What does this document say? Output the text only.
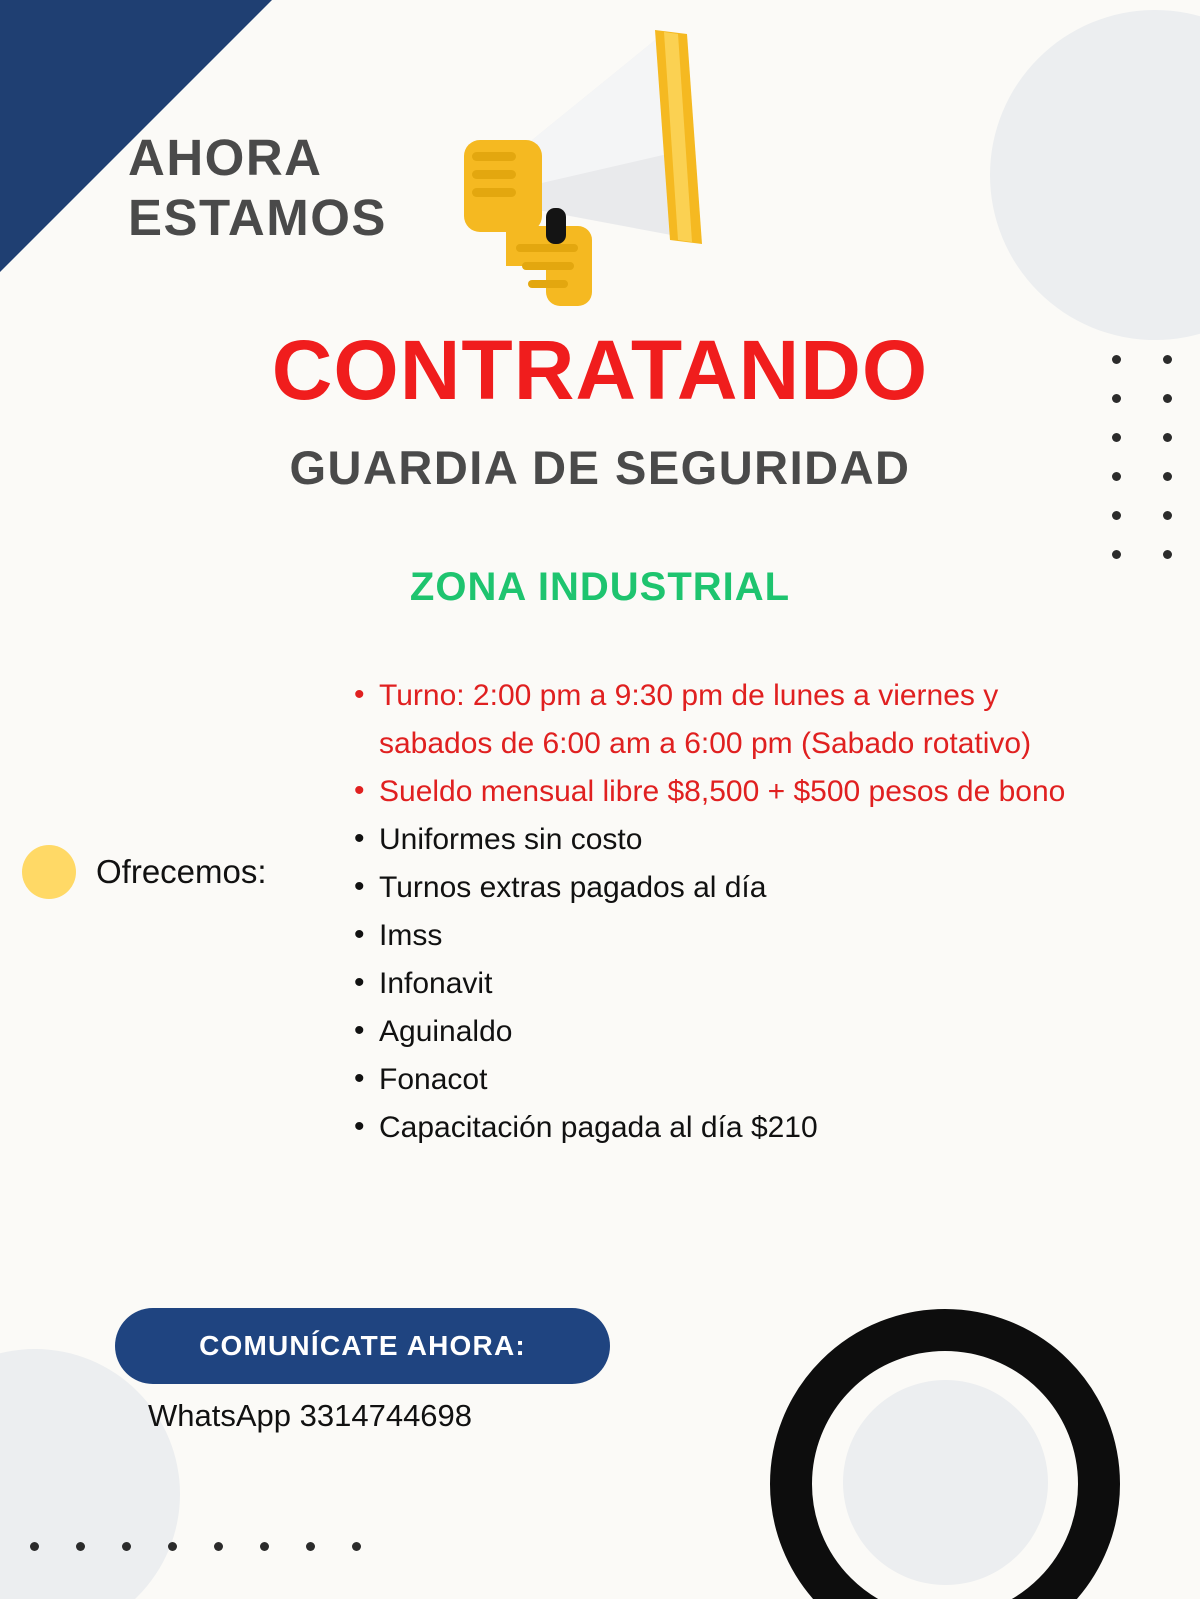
AHORA
ESTAMOS
CONTRATANDO
GUARDIA DE SEGURIDAD
ZONA INDUSTRIAL
Ofrecemos:
• Turno: 2:00 pm a 9:30 pm de lunes a viernes y sabados de 6:00 am a 6:00 pm (Sabado rotativo)
• Sueldo mensual libre $8,500 + $500 pesos de bono
• Uniformes sin costo
• Turnos extras pagados al día
• Imss
• Infonavit
• Aguinaldo
• Fonacot
• Capacitación pagada al día $210
COMUNÍCATE AHORA:
WhatsApp 3314744698
